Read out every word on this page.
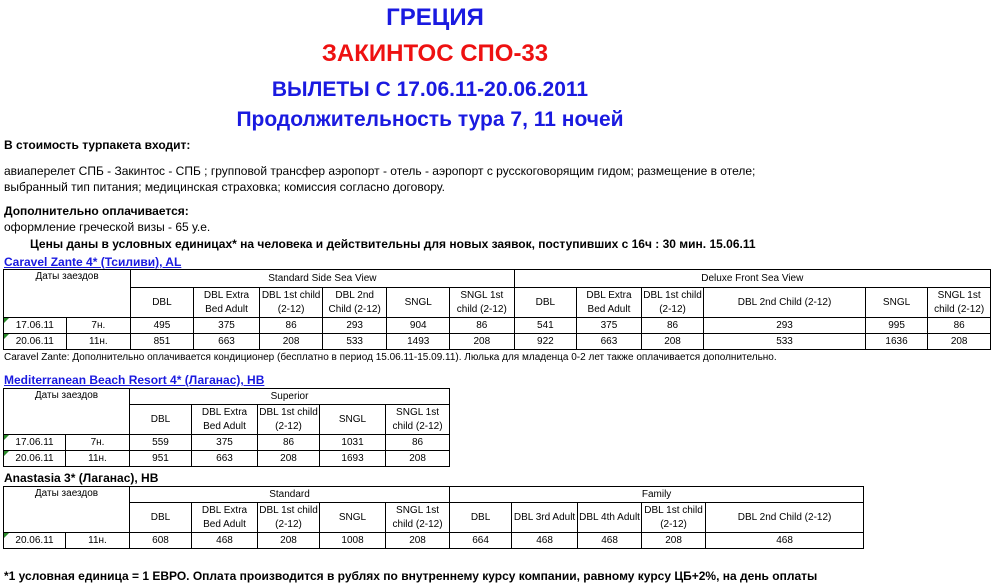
ГРЕЦИЯ
ЗАКИНТОС СПО-33
ВЫЛЕТЫ С 17.06.11-20.06.2011
Продолжительность тура 7, 11 ночей
В стоимость турпакета входит:
авиаперелет СПБ - Закинтос - СПБ ; групповой трансфер аэропорт - отель - аэропорт с русскоговорящим гидом; размещение в отеле;
выбранный тип питания; медицинская страховка; комиссия согласно договору.
Дополнительно оплачивается:
оформление греческой визы - 65 у.е.
Цены даны в условных единицах* на человека и действительны для новых заявок, поступивших с 16ч : 30 мин. 15.06.11
Caravel Zante 4* (Тсиливи), AL
Даты заездов		Standard Side Sea View						Deluxe Front Sea View					
		DBL	DBL Extra Bed Adult	DBL 1st child (2-12)	DBL 2nd Child (2-12)	SNGL	SNGL 1st child (2-12)	DBL	DBL Extra Bed Adult	DBL 1st child (2-12)	DBL 2nd Child (2-12)	SNGL	SNGL 1st child (2-12)
17.06.11	7н.	495	375	86	293	904	86	541	375	86	293	995	86
20.06.11	11н.	851	663	208	533	1493	208	922	663	208	533	1636	208
Caravel Zante: Дополнительно оплачивается кондиционер (бесплатно в период 15.06.11-15.09.11). Люлька для младенца 0-2 лет также оплачивается дополнительно.
Mediterranean Beach Resort 4* (Лаганас), HB
Даты заездов		Superior				
		DBL	DBL Extra Bed Adult	DBL 1st child (2-12)	SNGL	SNGL 1st child (2-12)
17.06.11	7н.	559	375	86	1031	86
20.06.11	11н.	951	663	208	1693	208
Anastasia 3* (Лаганас), HB
Даты заездов		Standard					Family				
		DBL	DBL Extra Bed Adult	DBL 1st child (2-12)	SNGL	SNGL 1st child (2-12)	DBL	DBL 3rd Adult	DBL 4th Adult	DBL 1st child (2-12)	DBL 2nd Child (2-12)
20.06.11	11н.	608	468	208	1008	208	664	468	468	208	468
*1 условная единица = 1 ЕВРО. Оплата производится в рублях по внутреннему курсу компании, равному курсу ЦБ+2%, на день оплаты
